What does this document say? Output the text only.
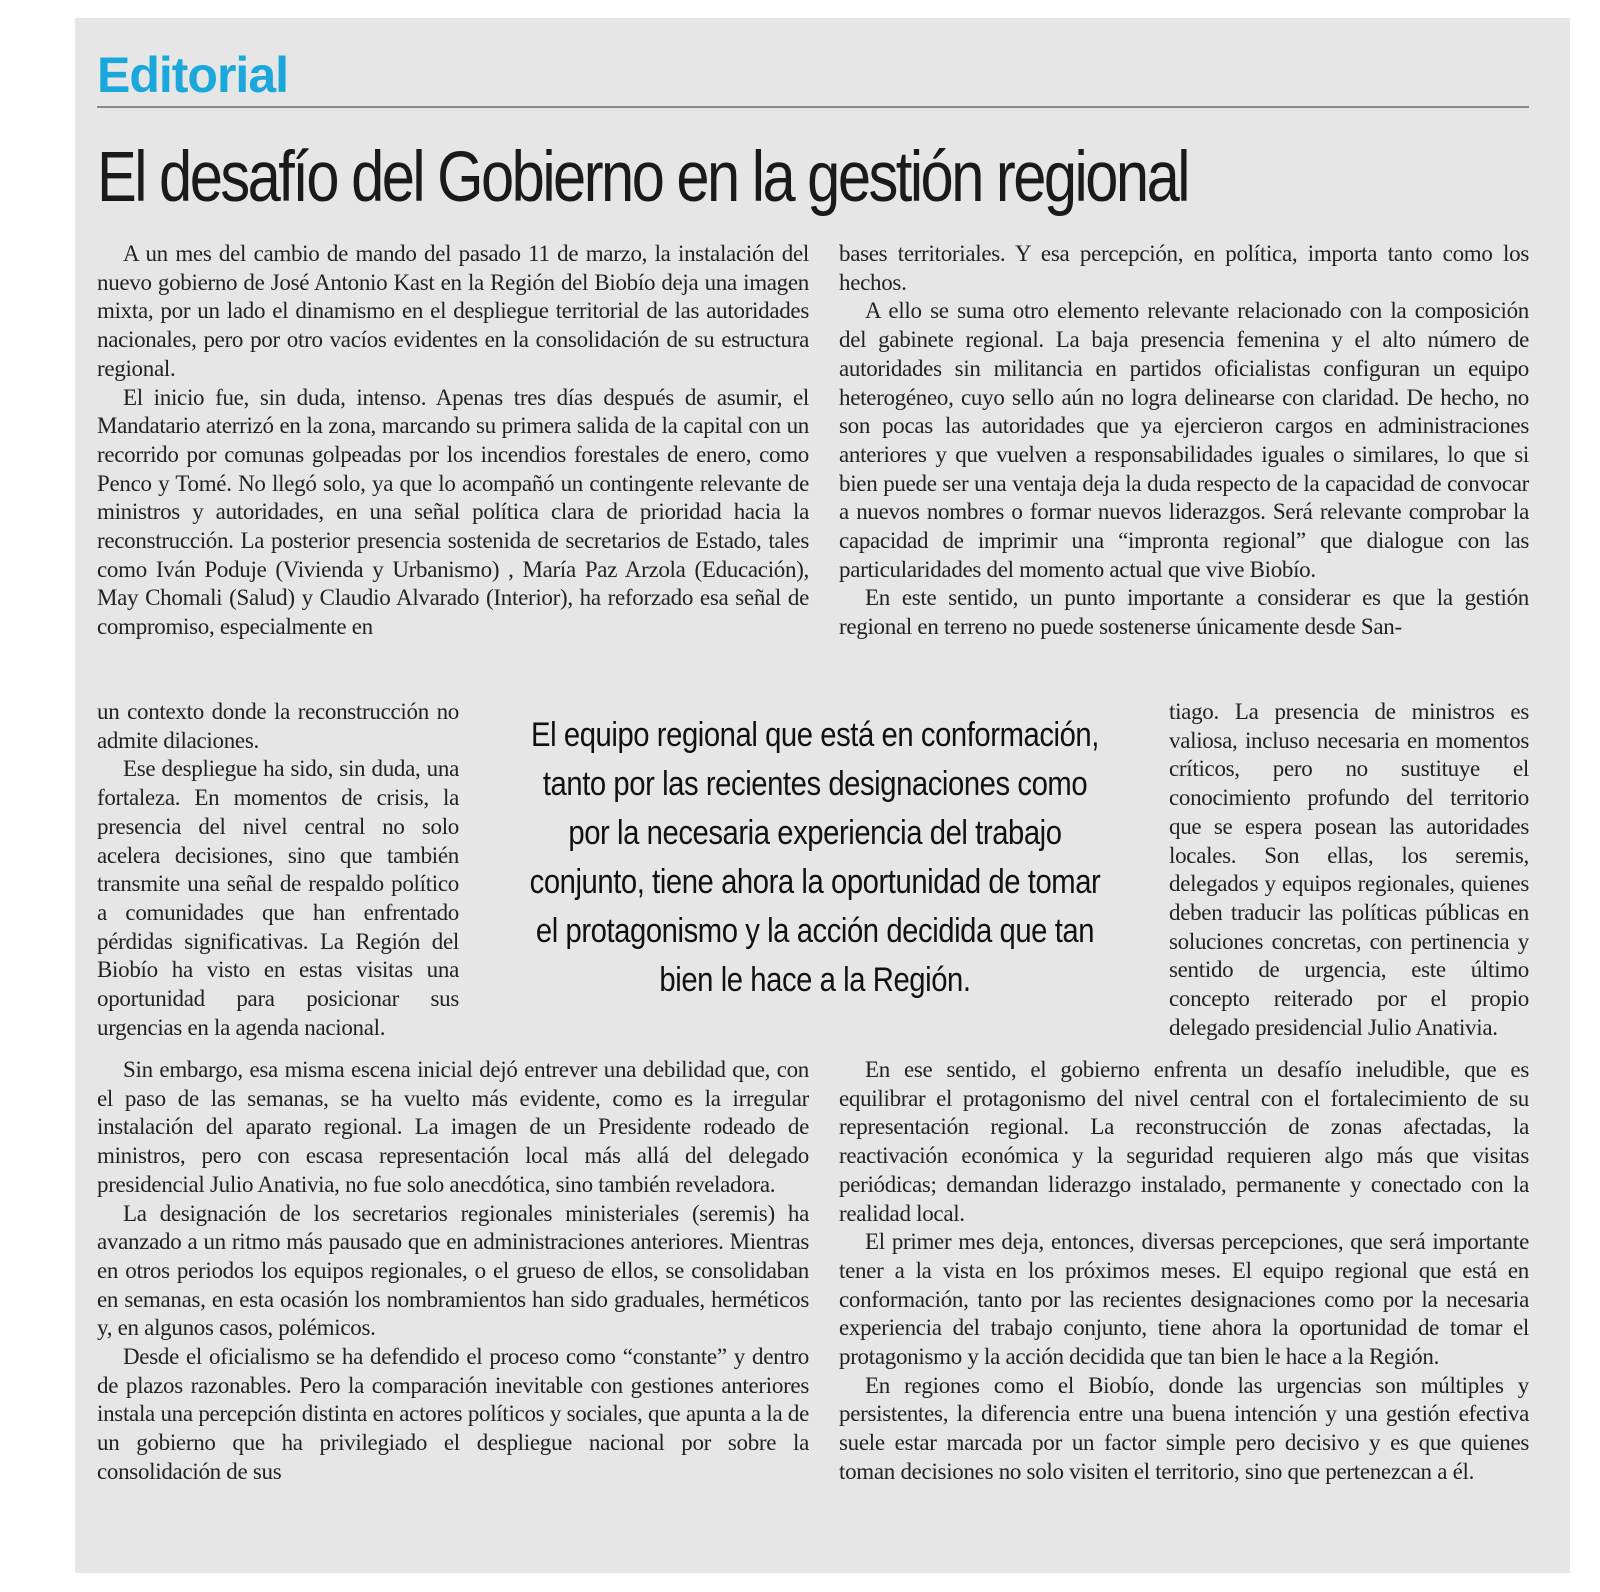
Editorial
El desafío del Gobierno en la gestión regional

A un mes del cambio de mando del pasado 11 de marzo, la instalación del nuevo gobierno de José Antonio Kast en la Región del Biobío deja una imagen mixta, por un lado el dinamismo en el despliegue territorial de las autoridades nacionales, pero por otro vacíos evidentes en la consolidación de su estructura regional.

El inicio fue, sin duda, intenso. Apenas tres días después de asumir, el Mandatario aterrizó en la zona, marcando su primera salida de la capital con un recorrido por comunas golpeadas por los incendios forestales de enero, como Penco y Tomé. No llegó solo, ya que lo acompañó un contingente relevante de ministros y autoridades, en una señal política clara de prioridad hacia la reconstrucción. La posterior presencia sostenida de secretarios de Estado, tales como Iván Poduje (Vivienda y Urbanismo) , María Paz Arzola (Educación), May Chomali (Salud) y Claudio Alvarado (Interior), ha reforzado esa señal de compromiso, especialmente en

un contexto donde la reconstrucción no admite dilaciones.

Ese despliegue ha sido, sin duda, una fortaleza. En momentos de crisis, la presencia del nivel central no solo acelera decisiones, sino que también transmite una señal de respaldo político a comunidades que han enfrentado pérdidas significativas. La Región del Biobío ha visto en estas visitas una oportunidad para posicionar sus urgencias en la agenda nacional.

El equipo regional que está en conformación, tanto por las recientes designaciones como por la necesaria experiencia del trabajo conjunto, tiene ahora la oportunidad de tomar el protagonismo y la acción decidida que tan bien le hace a la Región.

Sin embargo, esa misma escena inicial dejó entrever una debilidad que, con el paso de las semanas, se ha vuelto más evidente, como es la irregular instalación del aparato regional. La imagen de un Presidente rodeado de ministros, pero con escasa representación local más allá del delegado presidencial Julio Anativia, no fue solo anecdótica, sino también reveladora.

La designación de los secretarios regionales ministeriales (seremis) ha avanzado a un ritmo más pausado que en administraciones anteriores. Mientras en otros periodos los equipos regionales, o el grueso de ellos, se consolidaban en semanas, en esta ocasión los nombramientos han sido graduales, herméticos y, en algunos casos, polémicos.

Desde el oficialismo se ha defendido el proceso como “constante” y dentro de plazos razonables. Pero la comparación inevitable con gestiones anteriores instala una percepción distinta en actores políticos y sociales, que apunta a la de un gobierno que ha privilegiado el despliegue nacional por sobre la consolidación de sus

bases territoriales. Y esa percepción, en política, importa tanto como los hechos.

A ello se suma otro elemento relevante relacionado con la composición del gabinete regional. La baja presencia femenina y el alto número de autoridades sin militancia en partidos oficialistas configuran un equipo heterogéneo, cuyo sello aún no logra delinearse con claridad. De hecho, no son pocas las autoridades que ya ejercieron cargos en administraciones anteriores y que vuelven a responsabilidades iguales o similares, lo que si bien puede ser una ventaja deja la duda respecto de la capacidad de convocar a nuevos nombres o formar nuevos liderazgos. Será relevante comprobar la capacidad de imprimir una “impronta regional” que dialogue con las particularidades del momento actual que vive Biobío.

En este sentido, un punto importante a considerar es que la gestión regional en terreno no puede sostenerse únicamente desde San-

tiago. La presencia de ministros es valiosa, incluso necesaria en momentos críticos, pero no sustituye el conocimiento profundo del territorio que se espera posean las autoridades locales. Son ellas, los seremis, delegados y equipos regionales, quienes deben traducir las políticas públicas en soluciones concretas, con pertinencia y sentido de urgencia, este último concepto reiterado por el propio delegado presidencial Julio Anativia.

En ese sentido, el gobierno enfrenta un desafío ineludible, que es equilibrar el protagonismo del nivel central con el fortalecimiento de su representación regional. La reconstrucción de zonas afectadas, la reactivación económica y la seguridad requieren algo más que visitas periódicas; demandan liderazgo instalado, permanente y conectado con la realidad local.

El primer mes deja, entonces, diversas percepciones, que será importante tener a la vista en los próximos meses. El equipo regional que está en conformación, tanto por las recientes designaciones como por la necesaria experiencia del trabajo conjunto, tiene ahora la oportunidad de tomar el protagonismo y la acción decidida que tan bien le hace a la Región.

En regiones como el Biobío, donde las urgencias son múltiples y persistentes, la diferencia entre una buena intención y una gestión efectiva suele estar marcada por un factor simple pero decisivo y es que quienes toman decisiones no solo visiten el territorio, sino que pertenezcan a él.
